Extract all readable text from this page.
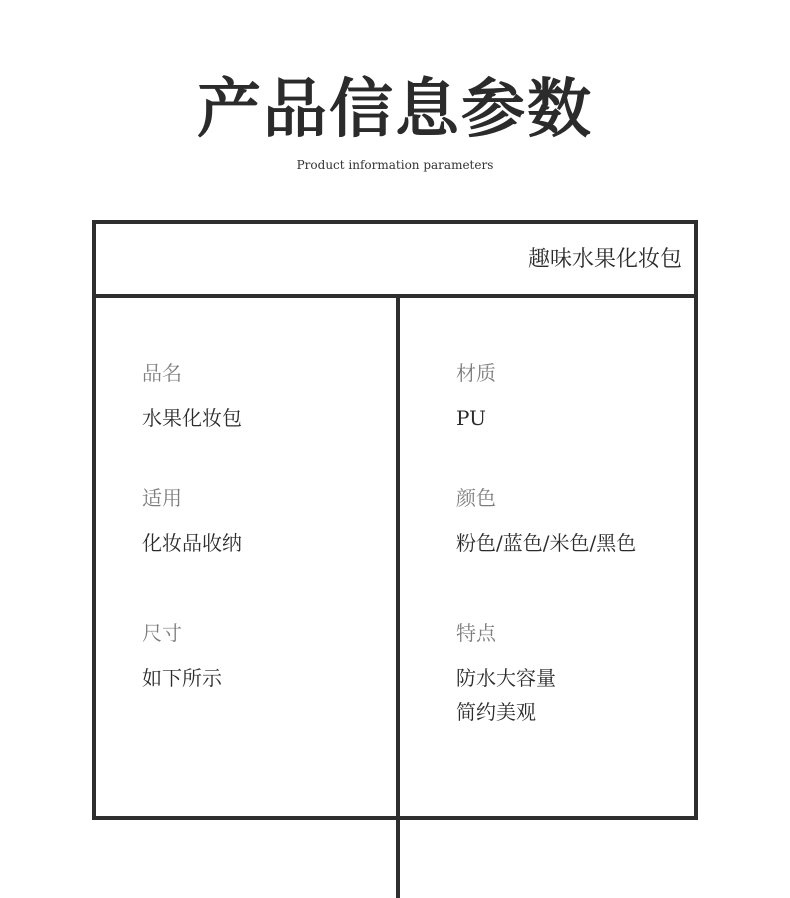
产品信息参数
Product information parameters
趣味水果化妆包
品名
水果化妆包
适用
化妆品收纳
尺寸
如下所示
材质
PU
颜色
粉色/蓝色/米色/黑色
特点
防水大容量
简约美观
